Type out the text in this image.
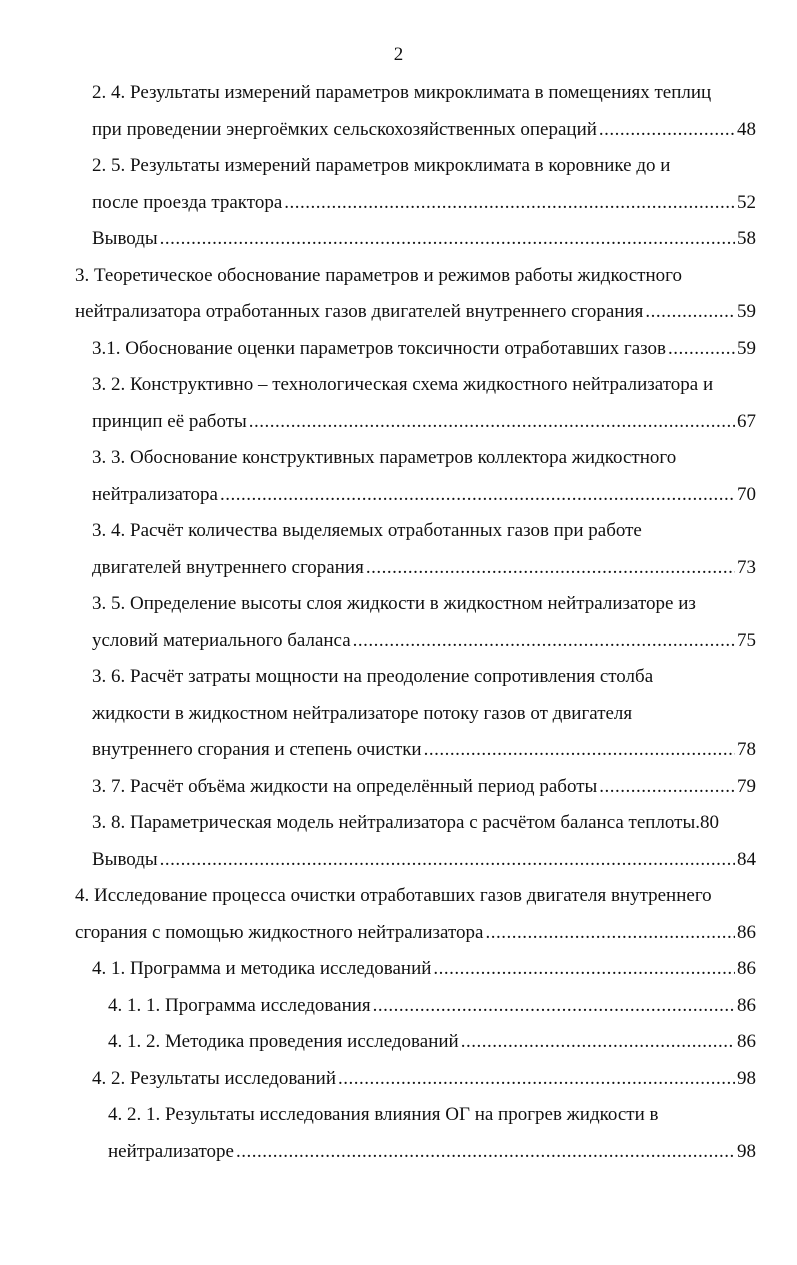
2
2. 4. Результаты измерений параметров микроклимата в помещениях теплиц
при проведении энергоёмких сельскохозяйственных операций .....	48
2. 5. Результаты измерений параметров микроклимата в коровнике до и
после проезда трактора .....	52
Выводы .....	58
3. Теоретическое обоснование параметров и режимов работы жидкостного
нейтрализатора отработанных газов двигателей внутреннего сгорания .....	59
3.1. Обоснование оценки параметров токсичности отработавших газов .....	59
3. 2. Конструктивно – технологическая схема жидкостного нейтрализатора и
принцип её работы .....	67
3. 3. Обоснование конструктивных параметров коллектора жидкостного
нейтрализатора .....	70
3. 4. Расчёт количества выделяемых отработанных газов при работе
двигателей внутреннего сгорания .....	73
3. 5. Определение высоты слоя жидкости в жидкостном нейтрализаторе из
условий материального баланса .....	75
3. 6. Расчёт затраты мощности на преодоление сопротивления столба
жидкости в жидкостном нейтрализаторе потоку газов от двигателя
внутреннего сгорания и степень очистки .....	78
3. 7. Расчёт объёма жидкости на определённый период работы .....	79
3. 8. Параметрическая модель нейтрализатора с расчётом баланса теплоты. 80
Выводы .....	84
4. Исследование процесса очистки отработавших газов двигателя внутреннего
сгорания с помощью жидкостного нейтрализатора .....	86
4. 1. Программа и методика исследований .....	86
4. 1. 1. Программа исследования .....	86
4. 1. 2. Методика проведения исследований .....	86
4. 2. Результаты исследований .....	98
4. 2. 1. Результаты исследования влияния ОГ на прогрев жидкости в
нейтрализаторе .....	98
